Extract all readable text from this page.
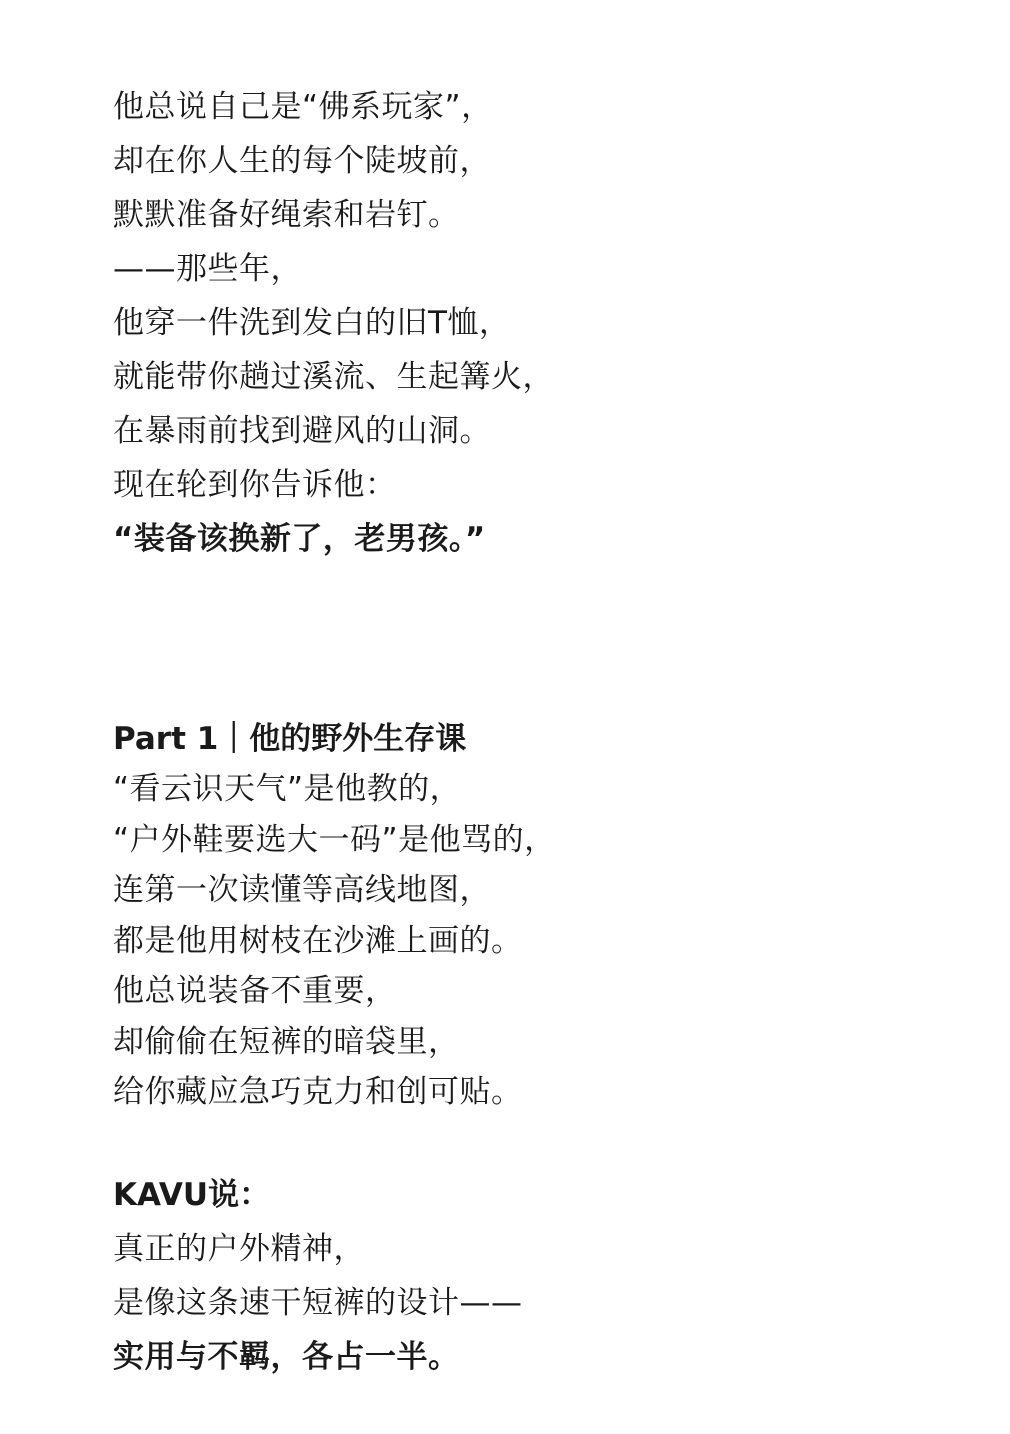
他总说自己是“佛系玩家”，
却在你人生的每个陡坡前，
默默准备好绳索和岩钉。
——那些年，
他穿一件洗到发白的旧T恤，
就能带你趟过溪流、生起篝火，
在暴雨前找到避风的山洞。
现在轮到你告诉他：
“装备该换新了，老男孩。”
Part 1｜他的野外生存课
“看云识天气”是他教的，
“户外鞋要选大一码”是他骂的，
连第一次读懂等高线地图，
都是他用树枝在沙滩上画的。
他总说装备不重要，
却偷偷在短裤的暗袋里，
给你藏应急巧克力和创可贴。
KAVU说：
真正的户外精神，
是像这条速干短裤的设计——
实用与不羁，各占一半。
